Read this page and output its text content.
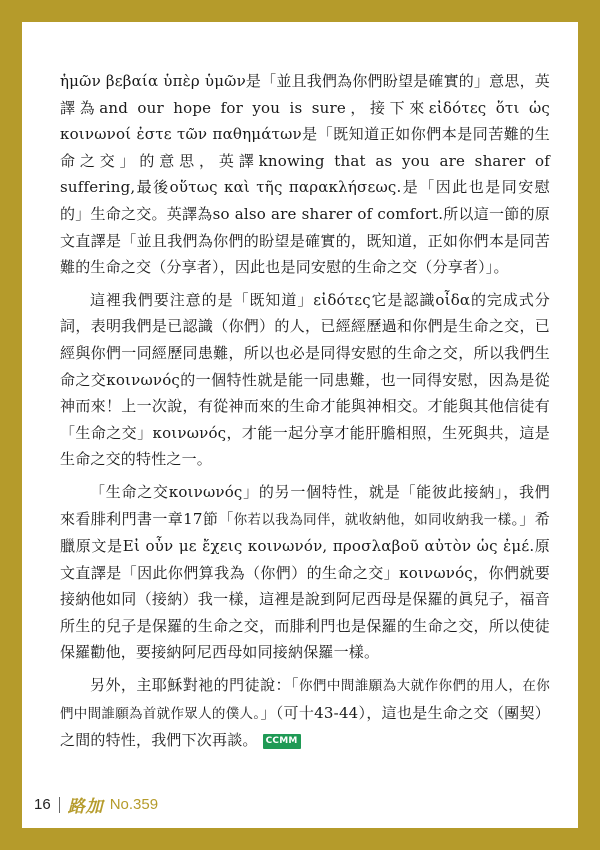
ἡμῶν βεβαία ὑπὲρ ὑμῶν是「並且我們為你們盼望是確實的」意思，英譯為and our hope for you is sure，接下來εἰδότες ὅτι ὡς κοινωνοί ἐστε τῶν παθημάτων是「既知道正如你們本是同苦難的生命之交」的意思，英譯knowing that as you are sharer of suffering,最後οὕτως καὶ τῆς παρακλήσεως.是「因此也是同安慰的」生命之交。英譯為so also are sharer of comfort.所以這一節的原文直譯是「並且我們為你們的盼望是確實的，既知道，正如你們本是同苦難的生命之交（分享者），因此也是同安慰的生命之交（分享者）」。

這裡我們要注意的是「既知道」εἰδότες它是認識οἶδα的完成式分詞，表明我們是已認識（你們）的人，已經經歷過和你們是生命之交，已經與你們一同經歷同患難，所以也必是同得安慰的生命之交，所以我們生命之交κοινωνός的一個特性就是能一同患難，也一同得安慰，因為是從神而來！上一次說，有從神而來的生命才能與神相交。才能與其他信徒有「生命之交」κοινωνός，才能一起分享才能肝膽相照，生死與共，這是生命之交的特性之一。

「生命之交κοινωνός」的另一個特性，就是「能彼此接納」，我們來看腓利門書一章17節「你若以我為同伴，就收納他，如同收納我一樣。」希臘原文是Εἰ οὖν με ἔχεις κοινωνόν, προσλαβοῦ αὐτὸν ὡς ἐμέ.原文直譯是「因此你們算我為（你們）的生命之交」κοινωνός，你們就要接納他如同（接納）我一樣，這裡是說到阿尼西母是保羅的眞兒子，福音所生的兒子是保羅的生命之交，而腓利門也是保羅的生命之交，所以使徒保羅勸他，要接納阿尼西母如同接納保羅一樣。

另外，主耶穌對祂的門徒說：「你們中間誰願為大就作你們的用人，在你們中間誰願為首就作眾人的僕人。」（可十43-44），這也是生命之交（團契）之間的特性，我們下次再談。 CCMM

16 路加 No.359
